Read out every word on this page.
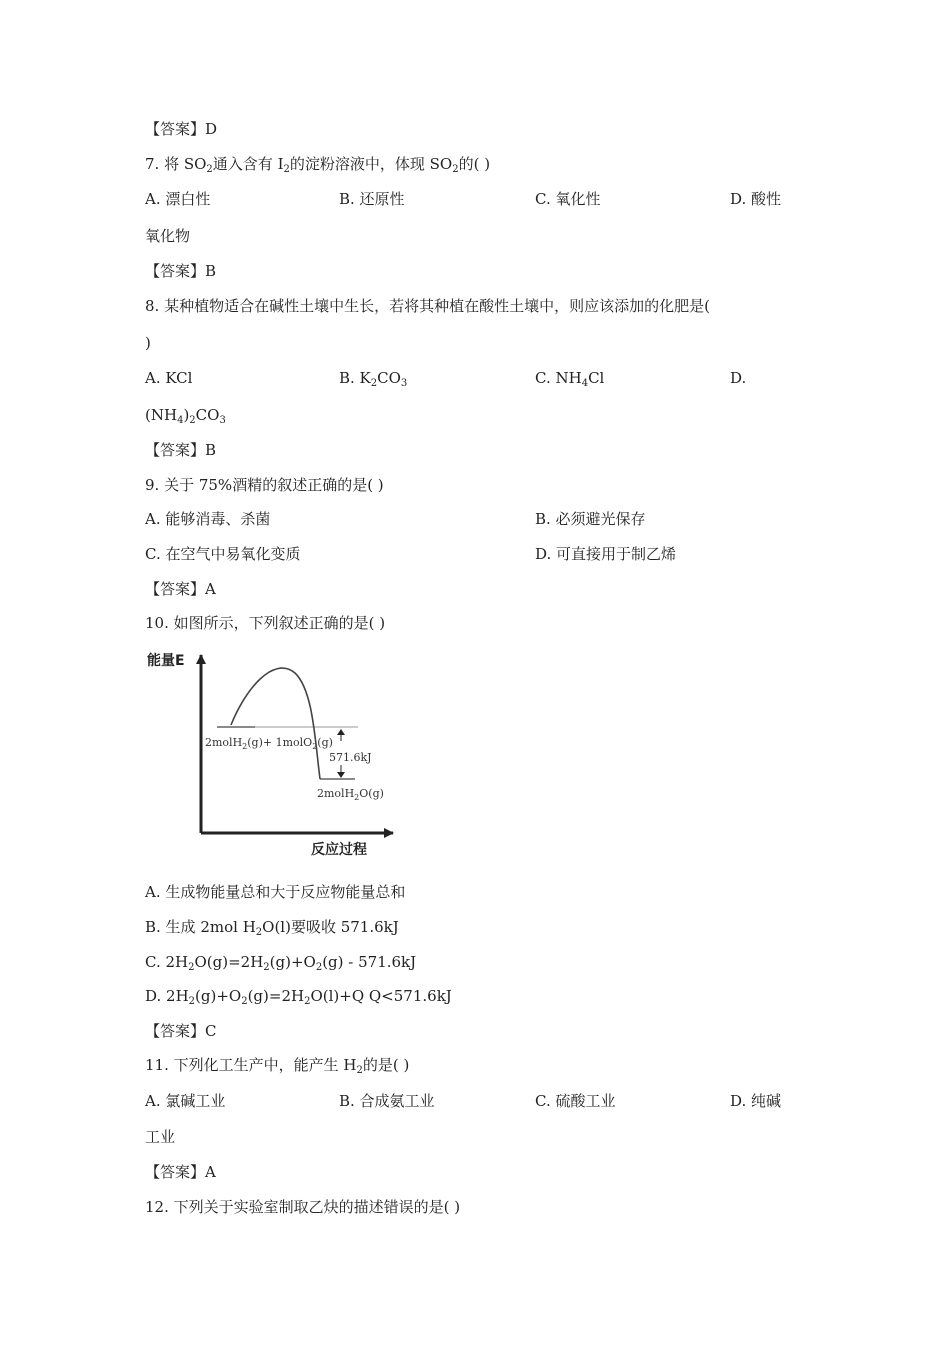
【答案】D
7. 将 $SO_2$通入含有 $I_2$的淀粉溶液中，体现 $SO_2$的( )
A. 漂白性	B. 还原性	C. 氧化性	D. 酸性
氧化物
【答案】B
8. 某种植物适合在碱性土壤中生长，若将其种植在酸性土壤中，则应该添加的化肥是(
)
A. KCl	B. $K_2CO_3$	C. $NH_4Cl$	D.
$(NH_4)_2CO_3$
【答案】B
9. 关于 75%酒精的叙述正确的是( )
A. 能够消毒、杀菌	B. 必须避光保存
C. 在空气中易氧化变质	D. 可直接用于制乙烯
【答案】A
10. 如图所示，下列叙述正确的是( )
能量E
反应过程
2molH$_2$(g)+ 1molO$_2$(g)
571.6kJ
2molH$_2$O(g)
A. 生成物能量总和大于反应物能量总和
B. 生成 2mol $H_2O(l)$要吸收 571.6kJ
C. $2H_2O(g)=2H_2(g)+O_2(g) - 571.6kJ$
D. $2H_2(g)+O_2(g)=2H_2O(l)+Q$ Q<571.6kJ
【答案】C
11. 下列化工生产中，能产生 $H_2$的是( )
A. 氯碱工业	B. 合成氨工业	C. 硫酸工业	D. 纯碱
工业
【答案】A
12. 下列关于实验室制取乙炔的描述错误的是( )
